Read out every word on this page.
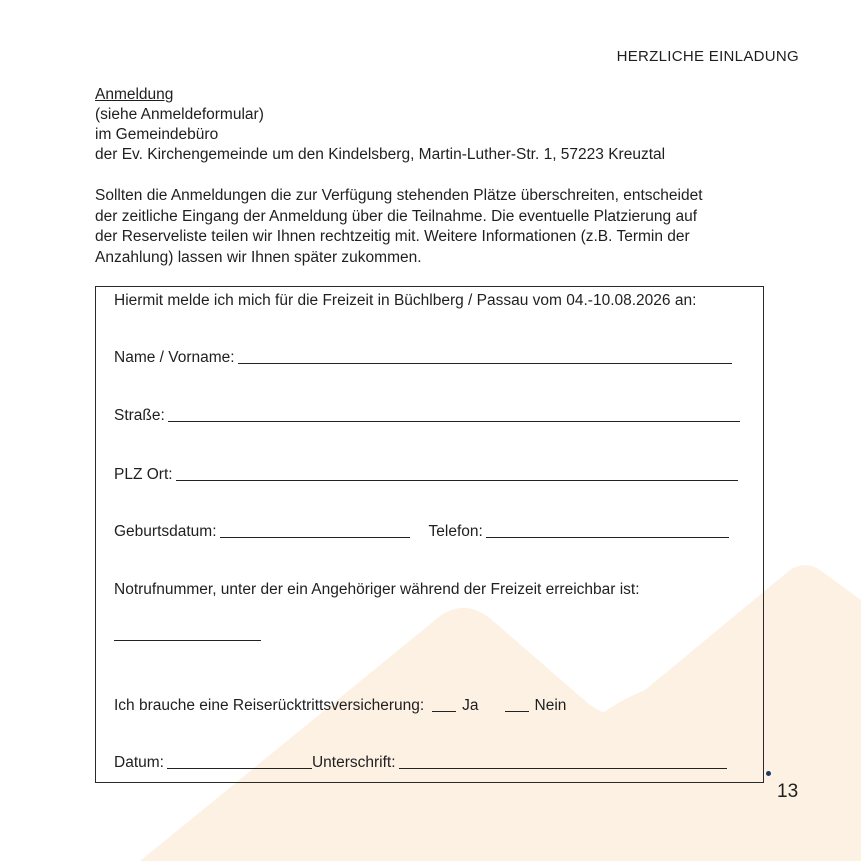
HERZLICHE EINLADUNG
Anmeldung
(siehe Anmeldeformular)
im Gemeindebüro
der Ev. Kirchengemeinde um den Kindelsberg, Martin-Luther-Str. 1, 57223 Kreuztal
Sollten die Anmeldungen die zur Verfügung stehenden Plätze überschreiten, entscheidet
der zeitliche Eingang der Anmeldung über die Teilnahme. Die eventuelle Platzierung auf
der Reserveliste teilen wir Ihnen rechtzeitig mit. Weitere Informationen (z.B. Termin der
Anzahlung) lassen wir Ihnen später zukommen.
Hiermit melde ich mich für die Freizeit in Büchlberg / Passau vom 04.-10.08.2026 an:
Name / Vorname:
Straße:
PLZ Ort:
Geburtsdatum:	Telefon:
Notrufnummer, unter der ein Angehöriger während der Freizeit erreichbar ist:
Ich brauche eine Reiserücktrittsversicherung: Ja	Nein
Datum:	Unterschrift:
13
